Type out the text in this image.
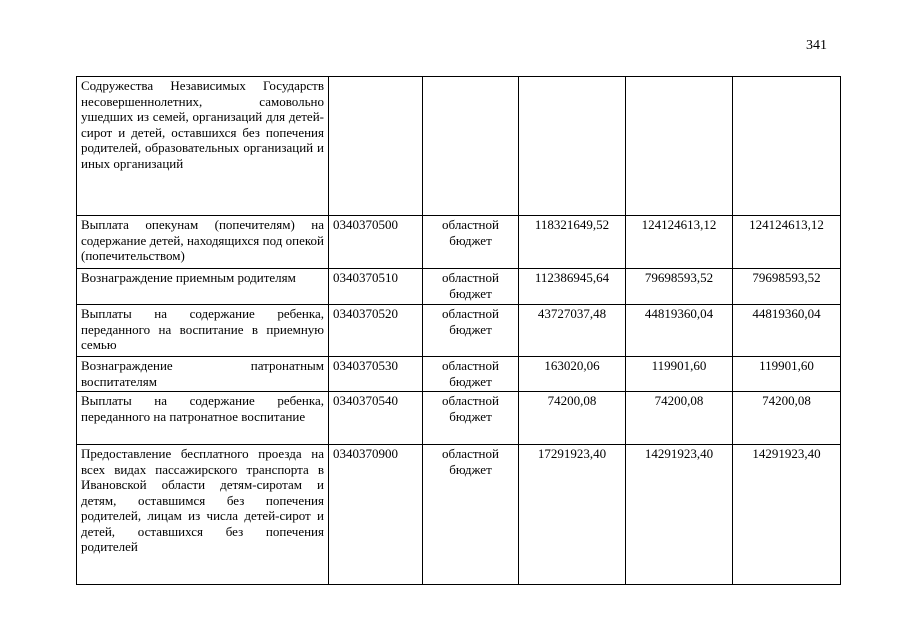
341
Содружества Независимых Государств несовершеннолетних, самовольно ушедших из семей, организаций для детей-сирот и детей, оставшихся без попечения родителей, образовательных организаций и иных организаций					
Выплата опекунам (попечителям) на содержание детей, находящихся под опекой (попечительством)	0340370500	областной бюджет	118321649,52	124124613,12	124124613,12
Вознаграждение приемным родителям	0340370510	областной бюджет	112386945,64	79698593,52	79698593,52
Выплаты на содержание ребенка, переданного на воспитание в приемную семью	0340370520	областной бюджет	43727037,48	44819360,04	44819360,04
Вознаграждение патронатным воспитателям	0340370530	областной бюджет	163020,06	119901,60	119901,60
Выплаты на содержание ребенка, переданного на патронатное воспитание	0340370540	областной бюджет	74200,08	74200,08	74200,08
Предоставление бесплатного проезда на всех видах пассажирского транспорта в Ивановской области детям-сиротам и детям, оставшимся без попечения родителей, лицам из числа детей-сирот и детей, оставшихся без попечения родителей	0340370900	областной бюджет	17291923,40	14291923,40	14291923,40
